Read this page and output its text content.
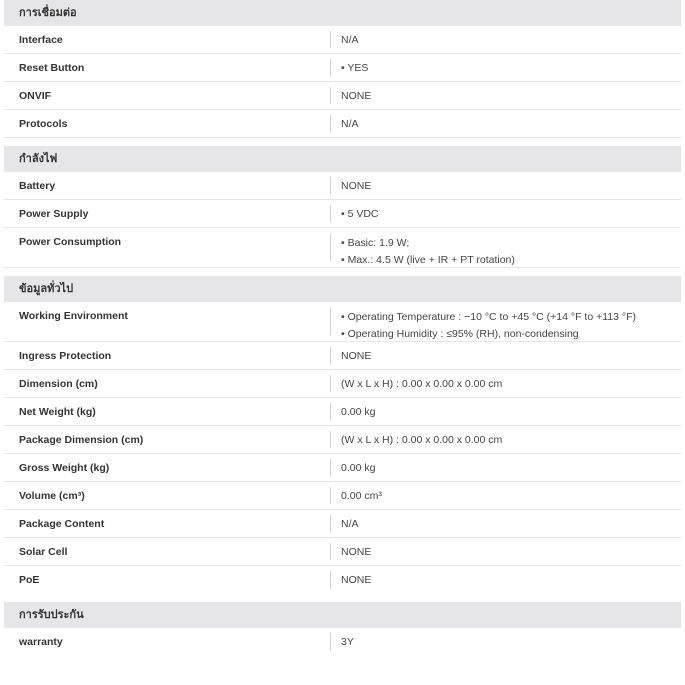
การเชื่อมต่อ
Interface	N/A
Reset Button	• YES
ONVIF	NONE
Protocols	N/A
กำลังไฟ
Battery	NONE
Power Supply	• 5 VDC
Power Consumption	• Basic: 1.9 W;
• Max.: 4.5 W (live + IR + PT rotation)
ข้อมูลทั่วไป
Working Environment	• Operating Temperature : −10 °C to +45 °C (+14 °F to +113 °F)
• Operating Humidity : ≤95% (RH), non-condensing
Ingress Protection	NONE
Dimension (cm)	(W x L x H) : 0.00 x 0.00 x 0.00 cm
Net Weight (kg)	0.00 kg
Package Dimension (cm)	(W x L x H) : 0.00 x 0.00 x 0.00 cm
Gross Weight (kg)	0.00 kg
Volume (cm³)	0.00 cm³
Package Content	N/A
Solar Cell	NONE
PoE	NONE
การรับประกัน
warranty	3Y
